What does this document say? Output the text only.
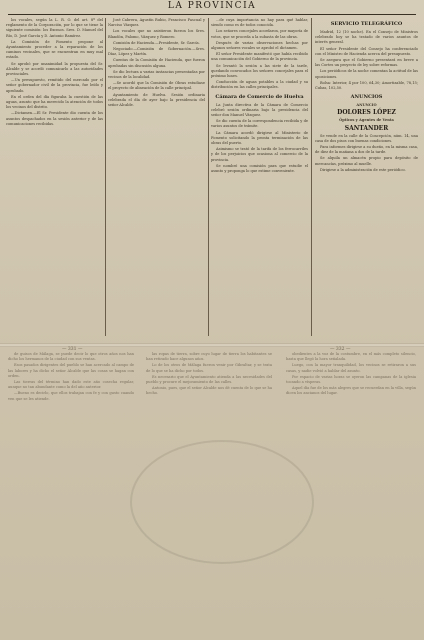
LA PROVINCIA

los vocales, según la L. R. O. del art. 8º del reglamento de la Corporación, por lo que se tiene la siguiente comisión: los Excmos. Sres. D. Manuel del Río, D. José García y D. Antonio Ramírez.

La Comisión de Fomento propone al Ayuntamiento proceder a la reparación de los caminos vecinales, que se encuentran en muy mal estado.

Se aprobó por unanimidad la propuesta del Sr. Alcalde y se acordó comunicarlo a las autoridades provinciales.

—Un presupuesto, remitido del mercado por el señor gobernador civil de la provincia, fue leído y aprobado.

En el orden del día figuraba la cuestión de las aguas, asunto que ha merecido la atención de todos los vecinos del distrito.

—Dictamen.—El Sr. Presidente dio cuenta de los asuntos despachados en la sesión anterior y de las comunicaciones recibidas.

José Cabrera, Agustín Rubio, Francisco Pascual y Narciso Vázquez.

Los vocales que no asistieron fueron los Sres. Blandón, Palomo, Vázquez y Romero.

Comisión de Hacienda.—Presidente, Sr. García.

Negociado.—Comisión de Gobernación.—Sres. Díaz, López y Martín.

Cuentas de la Comisión de Hacienda, que fueron aprobadas sin discusión alguna.

Se dio lectura a varias instancias presentadas por vecinos de la localidad.

—Se acordó que la Comisión de Obras estudiase el proyecto de alineación de la calle principal.

Ayuntamiento de Huelva. Sesión ordinaria celebrada el día de ayer bajo la presidencia del señor Alcalde.

...de cuya importancia no hay para qué hablar, siendo como es de todos conocida.

Los señores concejales acordaron, por mayoría de votos, que se proceda a la subasta de las obras.

Después de varias observaciones hechas por algunos señores vocales se aprobó el dictamen.

El señor Presidente manifestó que había recibido una comunicación del Gobierno de la provincia.

Se levantó la sesión a las siete de la tarde, quedando convocados los señores concejales para el próximo lunes.

Conducción de aguas potables a la ciudad y su distribución en las calles principales.

Cámara de Comercio de Huelva

La Junta directiva de la Cámara de Comercio celebró sesión ordinaria bajo la presidencia del señor don Manuel Vázquez.

Se dio cuenta de la correspondencia recibida y de varios asuntos de trámite.

La Cámara acordó dirigirse al Ministerio de Fomento solicitando la pronta terminación de las obras del puerto.

Asimismo se trató de la tarifa de los ferrocarriles y de los perjuicios que ocasiona al comercio de la provincia.

Se nombró una comisión para que estudie el asunto y proponga lo que estime conveniente.

SERVICIO TELEGRÁFICO

Madrid, 12 (10 noche). En el Consejo de Ministros celebrado hoy se ha tratado de varios asuntos de interés general.

El señor Presidente del Consejo ha conferenciado con el Ministro de Hacienda acerca del presupuesto.

Se asegura que el Gobierno presentará en breve a las Cortes un proyecto de ley sobre reformas.

Los periódicos de la noche comentan la actitud de las oposiciones.

Bolsa: Interior, 4 por 100, 64,30; Amortizable, 78,15; Cubas, 102,50.

ANUNCIOS

ANUNCIO

DOLORES LÓPEZ

Ópticos y Agentes de Venta

SANTANDER

Se vende en la calle de la Concepción, núm. 14, una casa de dos pisos con buenas condiciones.

Para informes dirigirse a su dueño, en la misma casa, de diez de la mañana a dos de la tarde.

Se alquila un almacén propio para depósito de mercancías, próximo al muelle.

Dirigirse a la administración de este periódico.

— 331 —	— 332 —

de guisos de Málaga, se puede decir lo que otros años nos han dicho los hermanos de la ciudad con sus ventas.

Esos pasados dirigentes del pueblo se han acercado al campo de las labores y ha dicho el señor Alcalde que las cosas se hagan con orden.

Las tierras del término han dado este año cosecha regular, aunque no tan abundante como la del año anterior.

—Bueno es decirlo, que ellos trabajan con fe y con gusto cuando ven que se les atiende.

las ropas de tierra, sobre cuyo lugar de tierra los habitantes se han retirado hace algunos años.

Lo de los otros de Málaga fueron venir por Gibraltar, y se trata de lo que se ha dicho por todos.

Es necesario que el Ayuntamiento atienda a las necesidades del pueblo y procure el mejoramiento de las calles.

Antonio, pues, que el señor Alcalde nos dé cuenta de lo que se ha hecho.

obedientes a la voz de la costumbre, en el más completo silencio, hasta que llegó la hora señalada.

Luego, con la mayor tranquilidad, los vecinos se retiraron a sus casas, y nadie volvió a hablar del asunto.

Por espacio de varias horas se oyeron las campanas de la iglesia tocando a vísperas.

Aquel día fue de los más alegres que se recuerdan en la villa, según dicen los ancianos del lugar.
